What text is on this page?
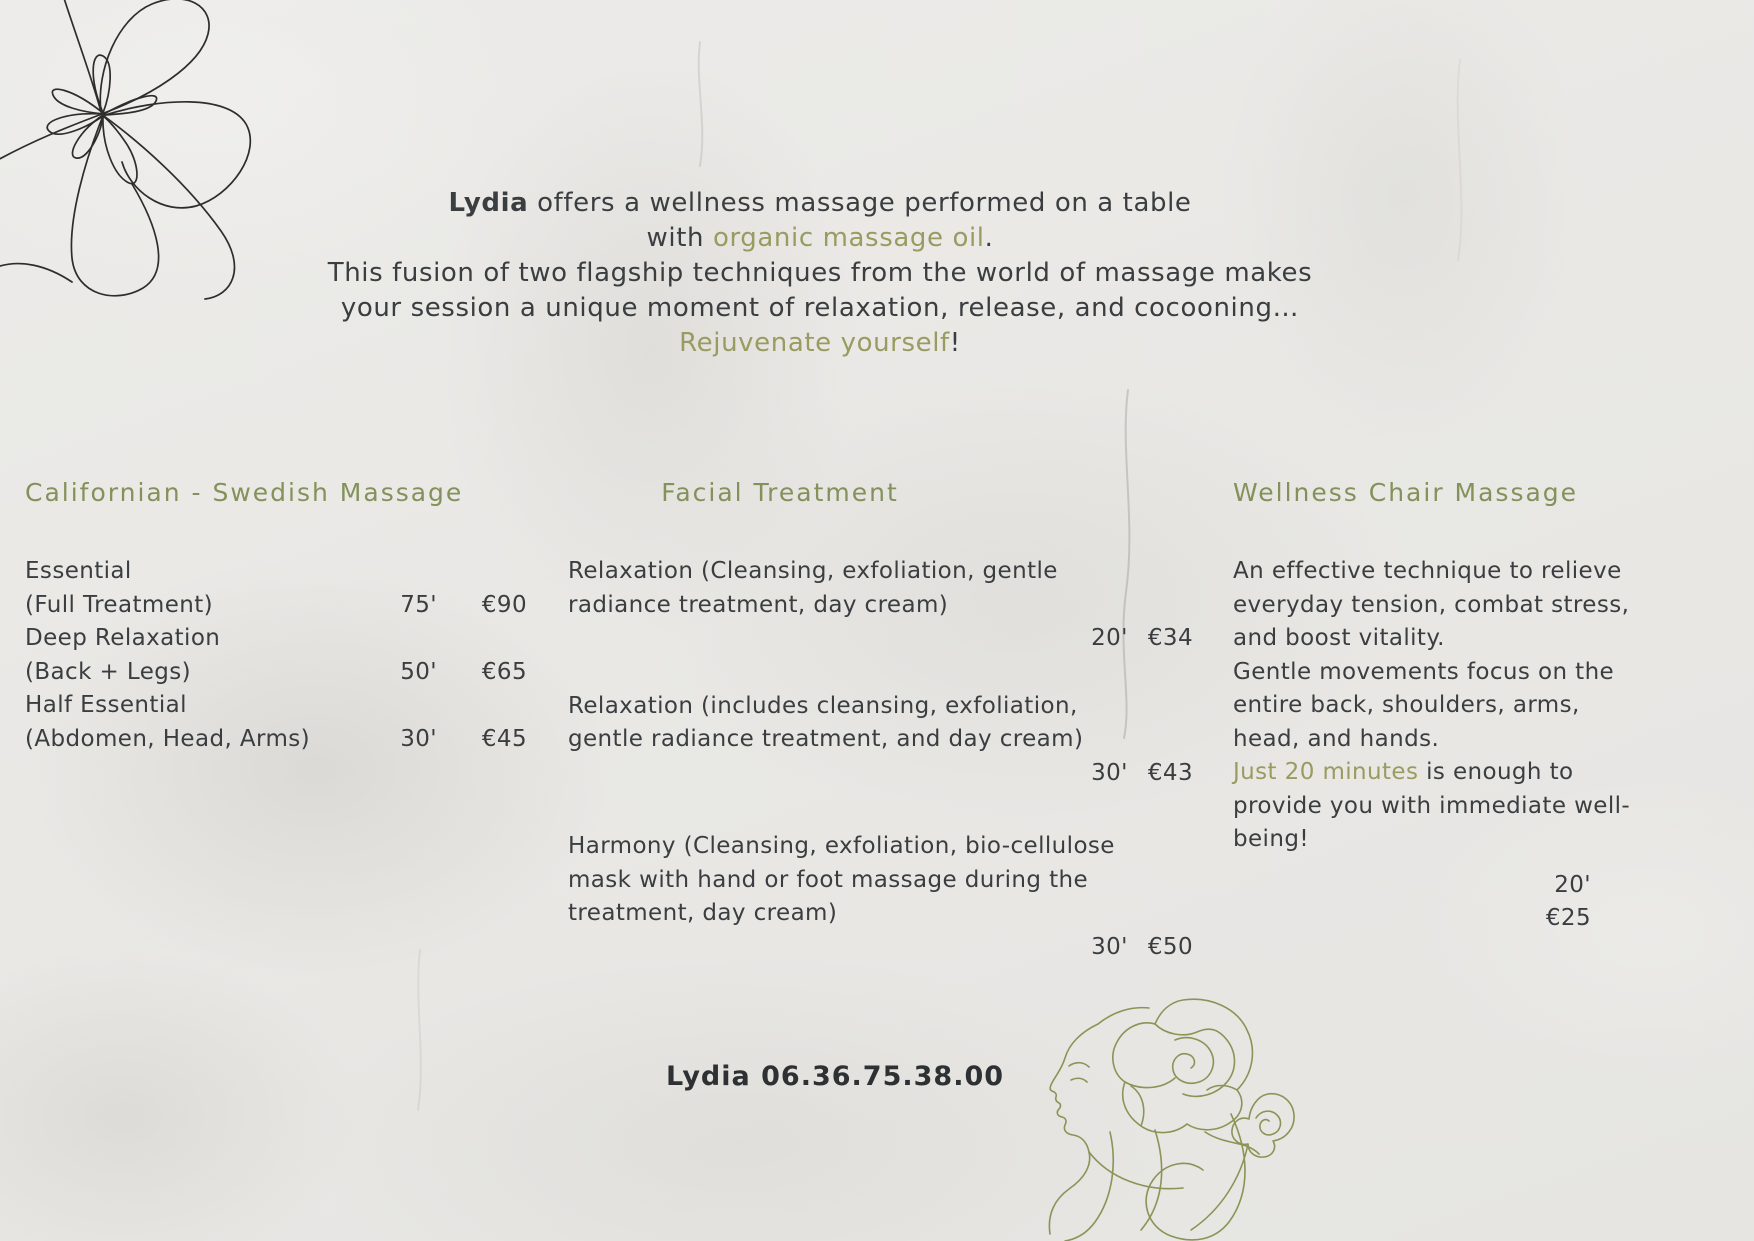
Lydia offers a wellness massage performed on a table
with organic massage oil.
This fusion of two flagship techniques from the world of massage makes
your session a unique moment of relaxation, release, and cocooning…
Rejuvenate yourself!
Californian - Swedish Massage
Essential
(Full Treatment)	75'	€90
Deep Relaxation
(Back + Legs)	50'	€65
Half Essential
(Abdomen, Head, Arms)	30'	€45
Facial Treatment
Relaxation (Cleansing, exfoliation, gentle
radiance treatment, day cream)
20' €34
Relaxation (includes cleansing, exfoliation,
gentle radiance treatment, and day cream)
30' €43
Harmony (Cleansing, exfoliation, bio-cellulose
mask with hand or foot massage during the
treatment, day cream)
30' €50
Wellness Chair Massage
An effective technique to relieve
everyday tension, combat stress,
and boost vitality.
Gentle movements focus on the
entire back, shoulders, arms,
head, and hands.
Just 20 minutes is enough to
provide you with immediate well-
being!
20'
€25
Lydia 06.36.75.38.00
